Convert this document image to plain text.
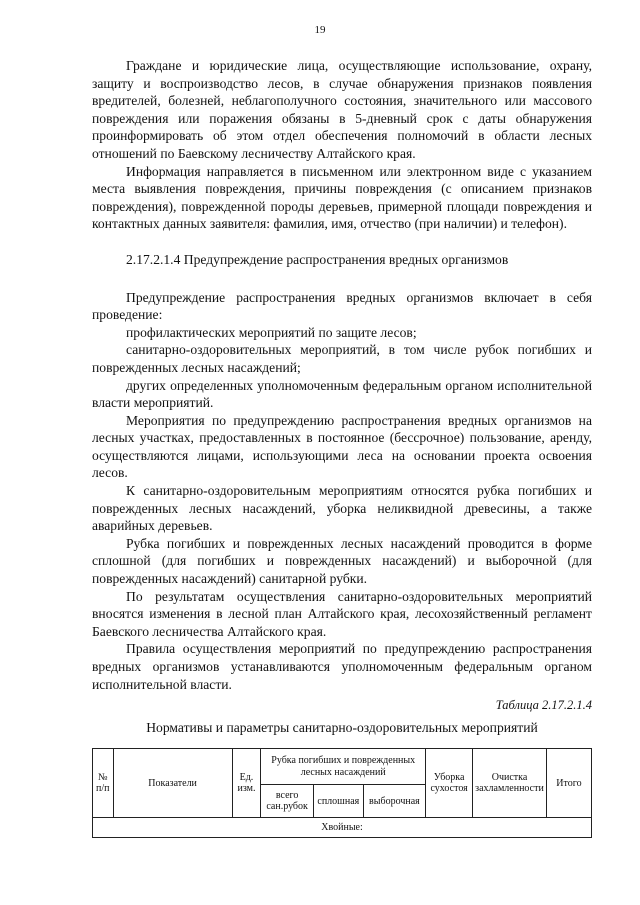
19

Граждане и юридические лица, осуществляющие использование, охрану, защиту и воспроизводство лесов, в случае обнаружения признаков появления вредителей, болезней, неблагополучного состояния, значительного или массового повреждения или поражения обязаны в 5-дневный срок с даты обнаружения проинформировать об этом отдел обеспечения полномочий в области лесных отношений по Баевскому лесничеству Алтайского края.

Информация направляется в письменном или электронном виде с указанием места выявления повреждения, причины повреждения (с описанием признаков повреждения), поврежденной породы деревьев, примерной площади повреждения и контактных данных заявителя: фамилия, имя, отчество (при наличии) и телефон).

2.17.2.1.4 Предупреждение распространения вредных организмов

Предупреждение распространения вредных организмов включает в себя проведение:

профилактических мероприятий по защите лесов;

санитарно-оздоровительных мероприятий, в том числе рубок погибших и поврежденных лесных насаждений;

других определенных уполномоченным федеральным органом исполнительной власти мероприятий.

Мероприятия по предупреждению распространения вредных организмов на лесных участках, предоставленных в постоянное (бессрочное) пользование, аренду, осуществляются лицами, использующими леса на основании проекта освоения лесов.

К санитарно-оздоровительным мероприятиям относятся рубка погибших и поврежденных лесных насаждений, уборка неликвидной древесины, а также аварийных деревьев.

Рубка погибших и поврежденных лесных насаждений проводится в форме сплошной (для погибших и поврежденных насаждений) и выборочной (для поврежденных насаждений) санитарной рубки.

По результатам осуществления санитарно-оздоровительных мероприятий вносятся изменения в лесной план Алтайского края, лесохозяйственный регламент Баевского лесничества Алтайского края.

Правила осуществления мероприятий по предупреждению распространения вредных организмов устанавливаются уполномоченным федеральным органом исполнительной власти.

Таблица 2.17.2.1.4

Нормативы и параметры санитарно-оздоровительных мероприятий

№ п/п	Показатели	Ед. изм.	Рубка погибших и поврежденных лесных насаждений			Уборка сухостоя	Очистка захламленности	Итого
			всего сан.рубок	сплошная	выборочная			
Хвойные:								
